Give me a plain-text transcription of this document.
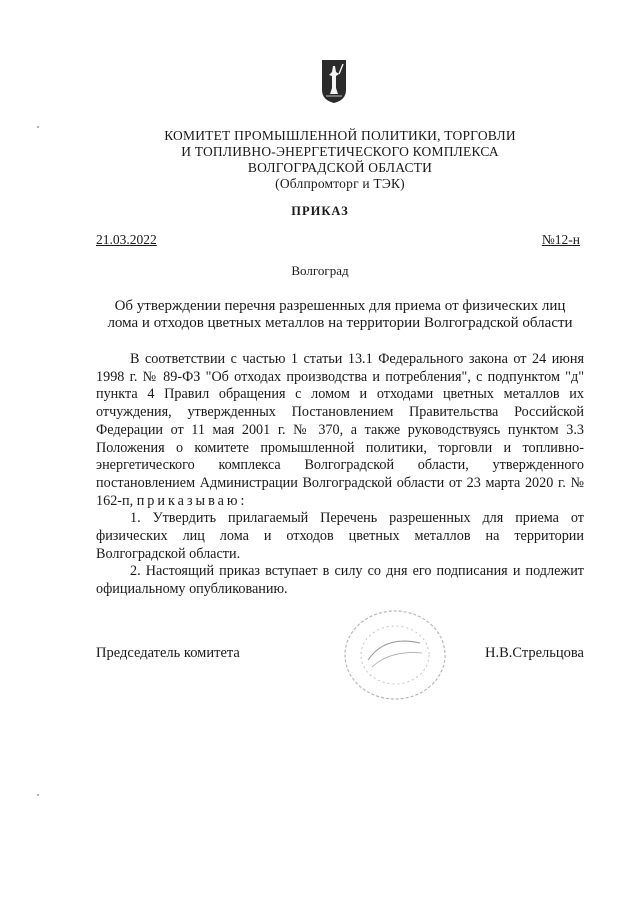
КОМИТЕТ ПРОМЫШЛЕННОЙ ПОЛИТИКИ, ТОРГОВЛИ
И ТОПЛИВНО-ЭНЕРГЕТИЧЕСКОГО КОМПЛЕКСА
ВОЛГОГРАДСКОЙ ОБЛАСТИ
(Облпромторг и ТЭК)
ПРИКАЗ
21.03.2022	№12-н
Волгоград
Об утверждении перечня разрешенных для приема от физических лиц
лома и отходов цветных металлов на территории Волгоградской области

В соответствии с частью 1 статьи 13.1 Федерального закона от 24 июня 1998 г. № 89-ФЗ "Об отходах производства и потребления", с подпунктом "д" пункта 4 Правил обращения с ломом и отходами цветных металлов их отчуждения, утвержденных Постановлением Правительства Российской Федерации от 11 мая 2001 г. № 370, а также руководствуясь пунктом 3.3 Положения о комитете промышленной политики, торговли и топливно-энергетического комплекса Волгоградской области, утвержденного постановлением Администрации Волгоградской области от 23 марта 2020 г. № 162-п, приказываю:

1. Утвердить прилагаемый Перечень разрешенных для приема от физических лиц лома и отходов цветных металлов на территории Волгоградской области.

2. Настоящий приказ вступает в силу со дня его подписания и подлежит официальному опубликованию.

Председатель комитета	Н.В.Стрельцова
